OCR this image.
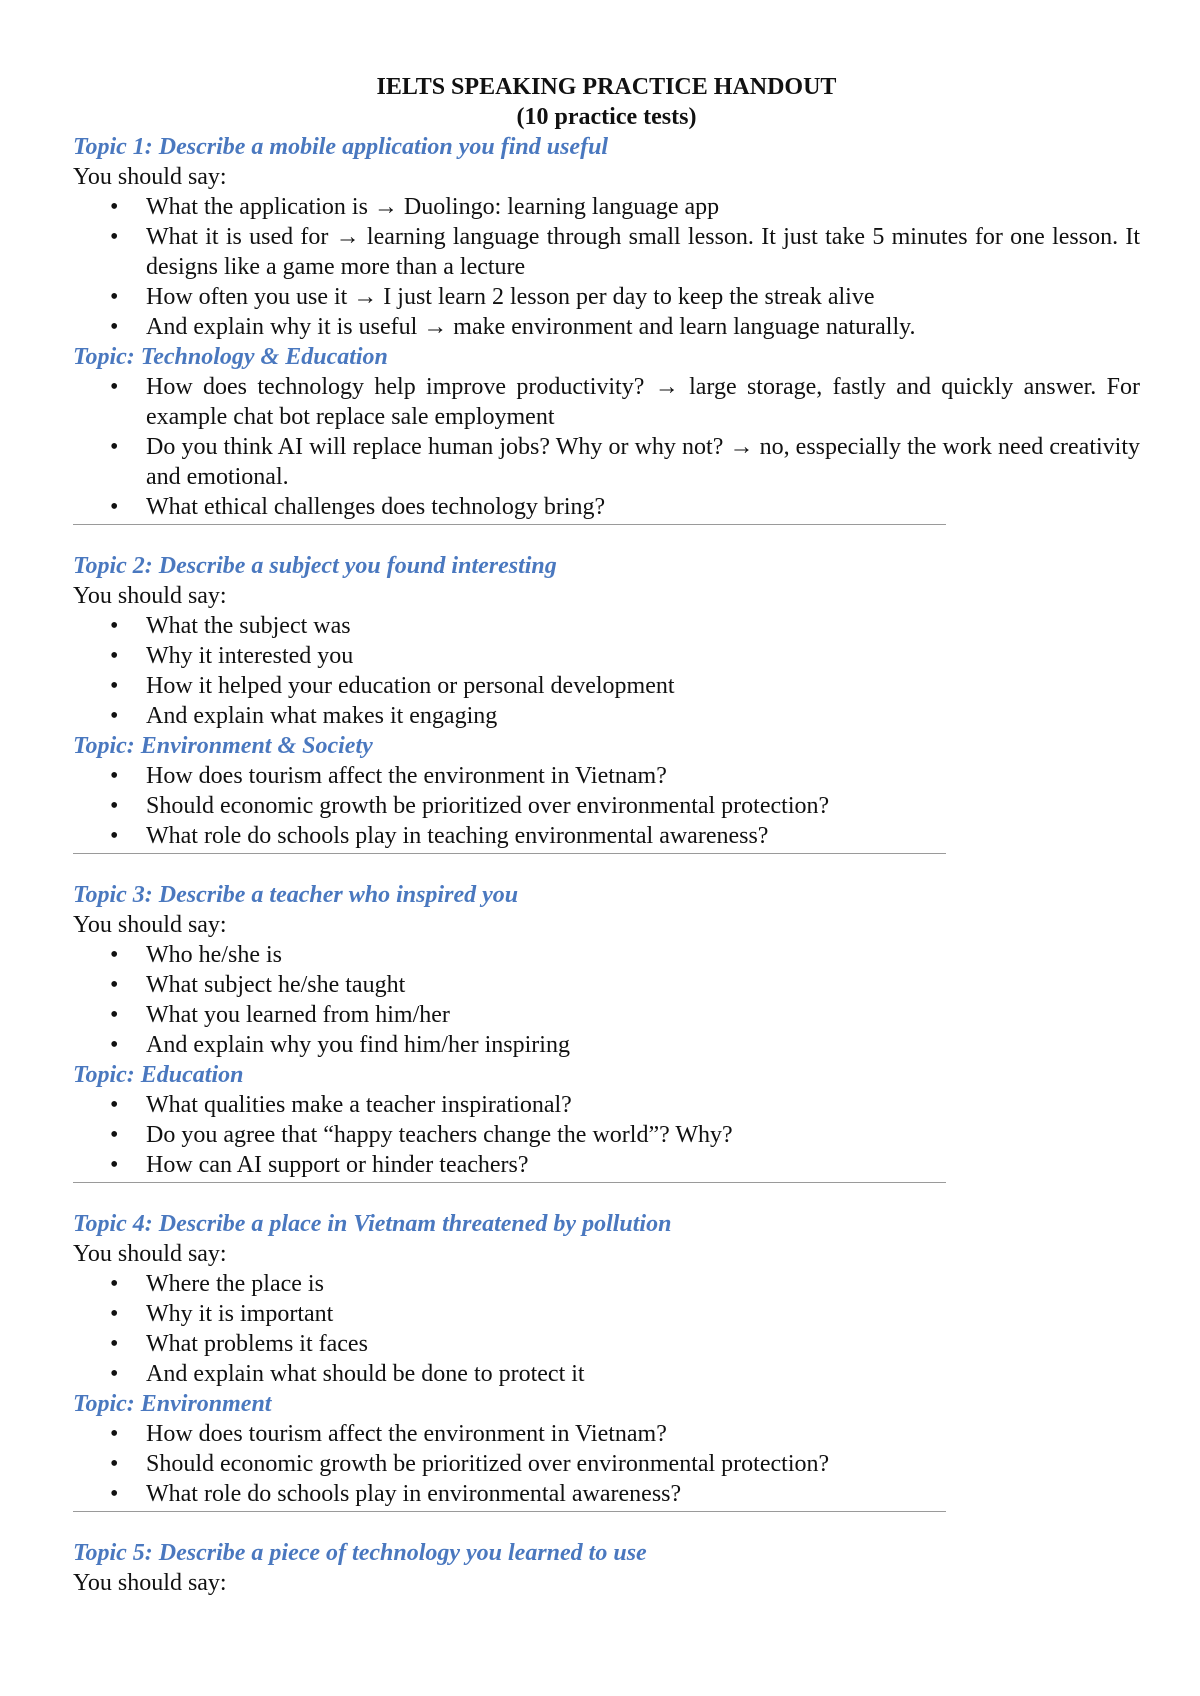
IELTS SPEAKING PRACTICE HANDOUT
(10 practice tests)
Topic 1: Describe a mobile application you find useful

You should say:

•	What the application is → Duolingo: learning language app
•	What it is used for → learning language through small lesson. It just take 5 minutes for one lesson. It designs like a game more than a lecture
•	How often you use it → I just learn 2 lesson per day to keep the streak alive
•	And explain why it is useful → make environment and learn language naturally.
Topic: Technology & Education
•	How does technology help improve productivity? → large storage, fastly and quickly answer. For example chat bot replace sale employment
•	Do you think AI will replace human jobs? Why or why not? → no, esspecially the work need creativity and emotional.
•	What ethical challenges does technology bring?
Topic 2: Describe a subject you found interesting

You should say:

•	What the subject was
•	Why it interested you
•	How it helped your education or personal development
•	And explain what makes it engaging
Topic: Environment & Society
•	How does tourism affect the environment in Vietnam?
•	Should economic growth be prioritized over environmental protection?
•	What role do schools play in teaching environmental awareness?
Topic 3: Describe a teacher who inspired you

You should say:

•	Who he/she is
•	What subject he/she taught
•	What you learned from him/her
•	And explain why you find him/her inspiring
Topic: Education
•	What qualities make a teacher inspirational?
•	Do you agree that “happy teachers change the world”? Why?
•	How can AI support or hinder teachers?
Topic 4: Describe a place in Vietnam threatened by pollution

You should say:

•	Where the place is
•	Why it is important
•	What problems it faces
•	And explain what should be done to protect it
Topic: Environment
•	How does tourism affect the environment in Vietnam?
•	Should economic growth be prioritized over environmental protection?
•	What role do schools play in environmental awareness?
Topic 5: Describe a piece of technology you learned to use

You should say:
